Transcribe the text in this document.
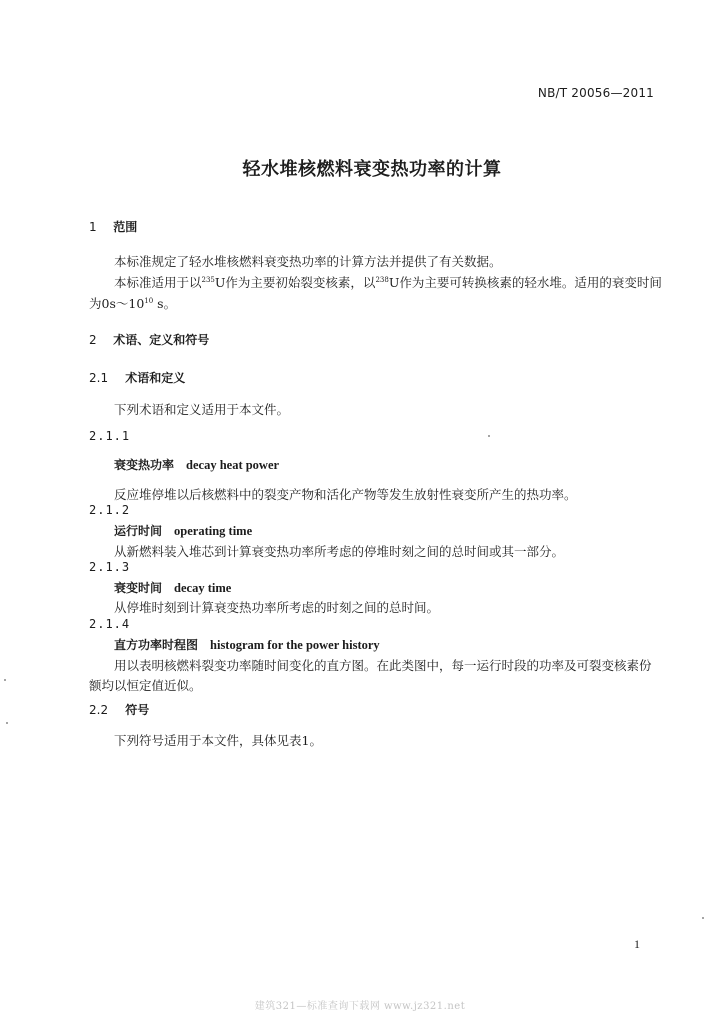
NB/T 20056—2011
轻水堆核燃料衰变热功率的计算
1 范围
本标准规定了轻水堆核燃料衰变热功率的计算方法并提供了有关数据。
本标准适用于以$^{235}$U作为主要初始裂变核素，以$^{238}$U作为主要可转换核素的轻水堆。适用的衰变时间
为$0s\sim 10^{10}$ s。
2 术语、定义和符号
2.1 术语和定义
下列术语和定义适用于本文件。
2.1.1
衰变热功率 decay heat power
反应堆停堆以后核燃料中的裂变产物和活化产物等发生放射性衰变所产生的热功率。
2.1.2
运行时间 operating time
从新燃料装入堆芯到计算衰变热功率所考虑的停堆时刻之间的总时间或其一部分。
2.1.3
衰变时间 decay time
从停堆时刻到计算衰变热功率所考虑的时刻之间的总时间。
2.1.4
直方功率时程图 histogram for the power history
用以表明核燃料裂变功率随时间变化的直方图。在此类图中，每一运行时段的功率及可裂变核素份
额均以恒定值近似。
2.2 符号
下列符号适用于本文件，具体见表1。
1
建筑321—标准查询下载网 www.jz321.net
